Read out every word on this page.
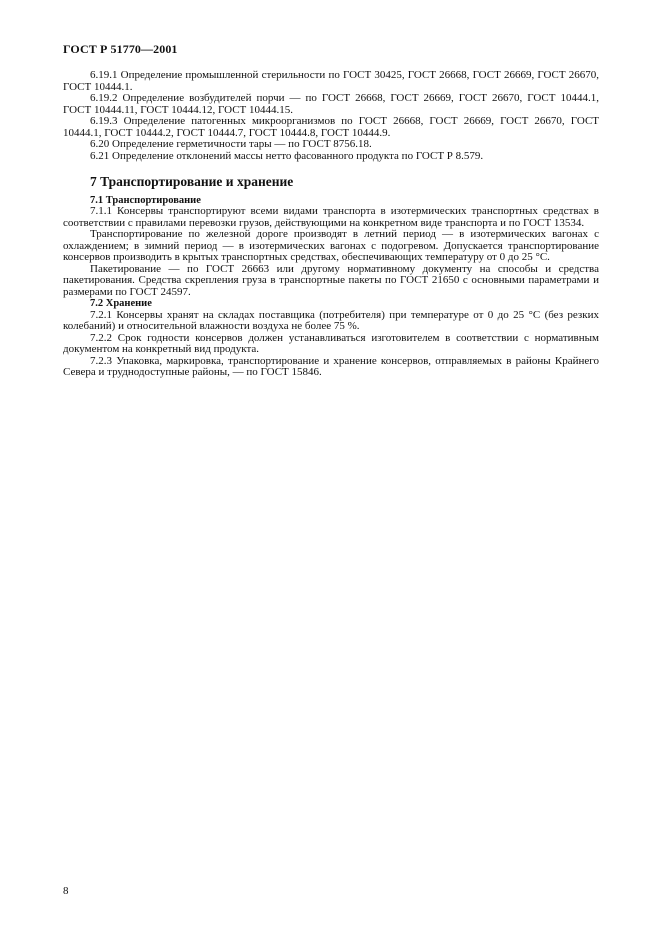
ГОСТ Р 51770—2001

6.19.1 Определение промышленной стерильности по ГОСТ 30425, ГОСТ 26668, ГОСТ 26669, ГОСТ 26670, ГОСТ 10444.1.

6.19.2 Определение возбудителей порчи — по ГОСТ 26668, ГОСТ 26669, ГОСТ 26670, ГОСТ 10444.1, ГОСТ 10444.11, ГОСТ 10444.12, ГОСТ 10444.15.

6.19.3 Определение патогенных микроорганизмов по ГОСТ 26668, ГОСТ 26669, ГОСТ 26670, ГОСТ 10444.1, ГОСТ 10444.2, ГОСТ 10444.7, ГОСТ 10444.8, ГОСТ 10444.9.

6.20 Определение герметичности тары — по ГОСТ 8756.18.

6.21 Определение отклонений массы нетто фасованного продукта по ГОСТ Р 8.579.

7 Транспортирование и хранение
7.1 Транспортирование

7.1.1 Консервы транспортируют всеми видами транспорта в изотермических транспортных средствах в соответствии с правилами перевозки грузов, действующими на конкретном виде транспорта и по ГОСТ 13534.

Транспортирование по железной дороге производят в летний период — в изотермических вагонах с охлаждением; в зимний период — в изотермических вагонах с подогревом. Допускается транспортирование консервов производить в крытых транспортных средствах, обеспечивающих температуру от 0 до 25 °С.

Пакетирование — по ГОСТ 26663 или другому нормативному документу на способы и средства пакетирования. Средства скрепления груза в транспортные пакеты по ГОСТ 21650 с основными параметрами и размерами по ГОСТ 24597.

7.2 Хранение

7.2.1 Консервы хранят на складах поставщика (потребителя) при температуре от 0 до 25 °С (без резких колебаний) и относительной влажности воздуха не более 75 %.

7.2.2 Срок годности консервов должен устанавливаться изготовителем в соответствии с нормативным документом на конкретный вид продукта.

7.2.3 Упаковка, маркировка, транспортирование и хранение консервов, отправляемых в районы Крайнего Севера и труднодоступные районы, — по ГОСТ 15846.

8
